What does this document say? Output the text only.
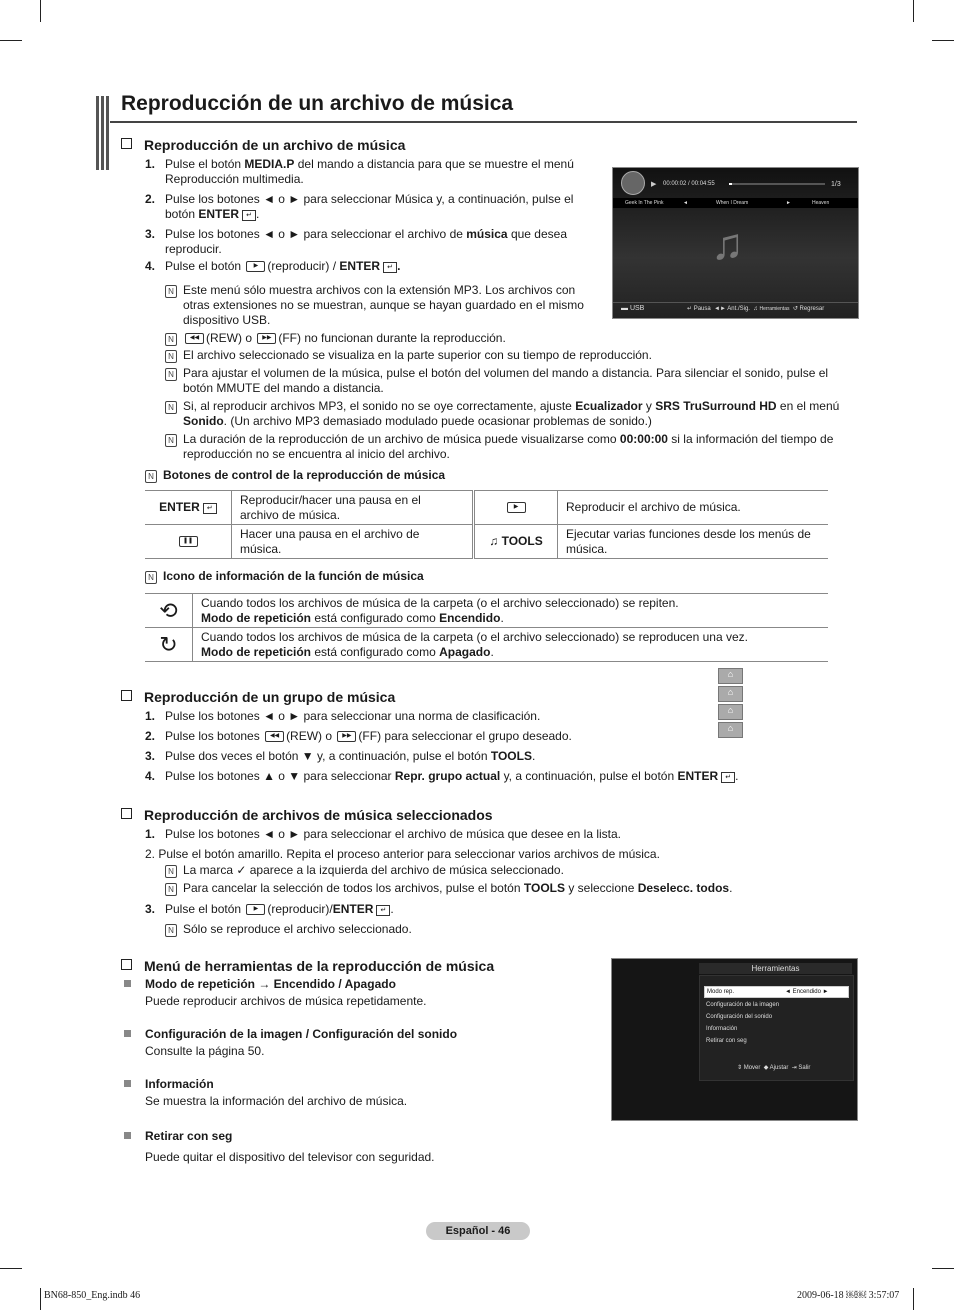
Reproducción de un archivo de música
Reproducción de un archivo de música
1. Pulse el botón MEDIA.P del mando a distancia para que se muestre el menú
Reproducción multimedia.
2. Pulse los botones ◄ o ► para seleccionar Música y, a continuación, pulse el
botón ENTER ↵ .
3. Pulse los botones ◄ o ► para seleccionar el archivo de música que desea
reproducir.
4. Pulse el botón ▶ (reproducir) / ENTER ↵ .
N Este menú sólo muestra archivos con la extensión MP3. Los archivos con
otras extensiones no se muestran, aunque se hayan guardado en el mismo
dispositivo USB.
N	◀◀ (REW) o ▶▶ (FF) no funcionan durante la reproducción.
N El archivo seleccionado se visualiza en la parte superior con su tiempo de reproducción.
N Para ajustar el volumen de la música, pulse el botón del volumen del mando a distancia. Para silenciar el sonido, pulse el
botón MMUTE del mando a distancia.
N Si, al reproducir archivos MP3, el sonido no se oye correctamente, ajuste Ecualizador y SRS TruSurround HD en el menú
Sonido. (Un archivo MP3 demasiado modulado puede ocasionar problemas de sonido.)
N La duración de la reproducción de un archivo de música puede visualizarse como 00:00:00 si la información del tiempo de
reproducción no se encuentra al inicio del archivo.
N Botones de control de la reproducción de música
ENTER ↵	Reproducir/hacer una pausa en el
archivo de música.	▶	Reproducir el archivo de música.
❚❚	Hacer una pausa en el archivo de
música.	♫ TOOLS	Ejecutar varias funciones desde los menús de
música.
N Icono de información de la función de música
⟲	Cuando todos los archivos de música de la carpeta (o el archivo seleccionado) se repiten.
Modo de repetición está configurado como Encendido.
↻	Cuando todos los archivos de música de la carpeta (o el archivo seleccionado) se reproducen una vez.
Modo de repetición está configurado como Apagado.
▶ 00:00:02 / 00:04:55	1/3
Geek In The Pink	◄	When I Dream	►	Heaven
♫
▬ USB	↵ Pausa  ◄► Ant./Sig.  ♫ Herramientas  ↺ Regresar
⌂
⌂
⌂
⌂
Reproducción de un grupo de música
1. Pulse los botones ◄ o ► para seleccionar una norma de clasificación.
2. Pulse los botones ◀◀ (REW) o ▶▶ (FF) para seleccionar el grupo deseado.
3. Pulse dos veces el botón ▼ y, a continuación, pulse el botón TOOLS.
4. Pulse los botones ▲ o ▼ para seleccionar Repr. grupo actual y, a continuación, pulse el botón ENTER ↵ .
Reproducción de archivos de música seleccionados
1. Pulse los botones ◄ o ► para seleccionar el archivo de música que desee en la lista.
2. Pulse el botón amarillo. Repita el proceso anterior para seleccionar varios archivos de música.
N La marca ✓ aparece a la izquierda del archivo de música seleccionado.
N Para cancelar la selección de todos los archivos, pulse el botón TOOLS y seleccione Deselecc. todos.
3. Pulse el botón ▶ (reproducir)/ENTER ↵ .
N Sólo se reproduce el archivo seleccionado.
Menú de herramientas de la reproducción de música
Modo de repetición → Encendido / Apagado
Puede reproducir archivos de música repetidamente.
Configuración de la imagen / Configuración del sonido
Consulte la página 50.
Información
Se muestra la información del archivo de música.
Retirar con seg
Puede quitar el dispositivo del televisor con seguridad.
Herramientas
Modo rep.	◄ Encendido ►
Configuración de la imagen
Configuración del sonido
Información
Retirar con seg
⇕ Mover  ◆ Ajustar  ⇥ Salir
Español - 46
BN68-850_Eng.indb 46	2009-06-18 ￼￼ 3:57:07
